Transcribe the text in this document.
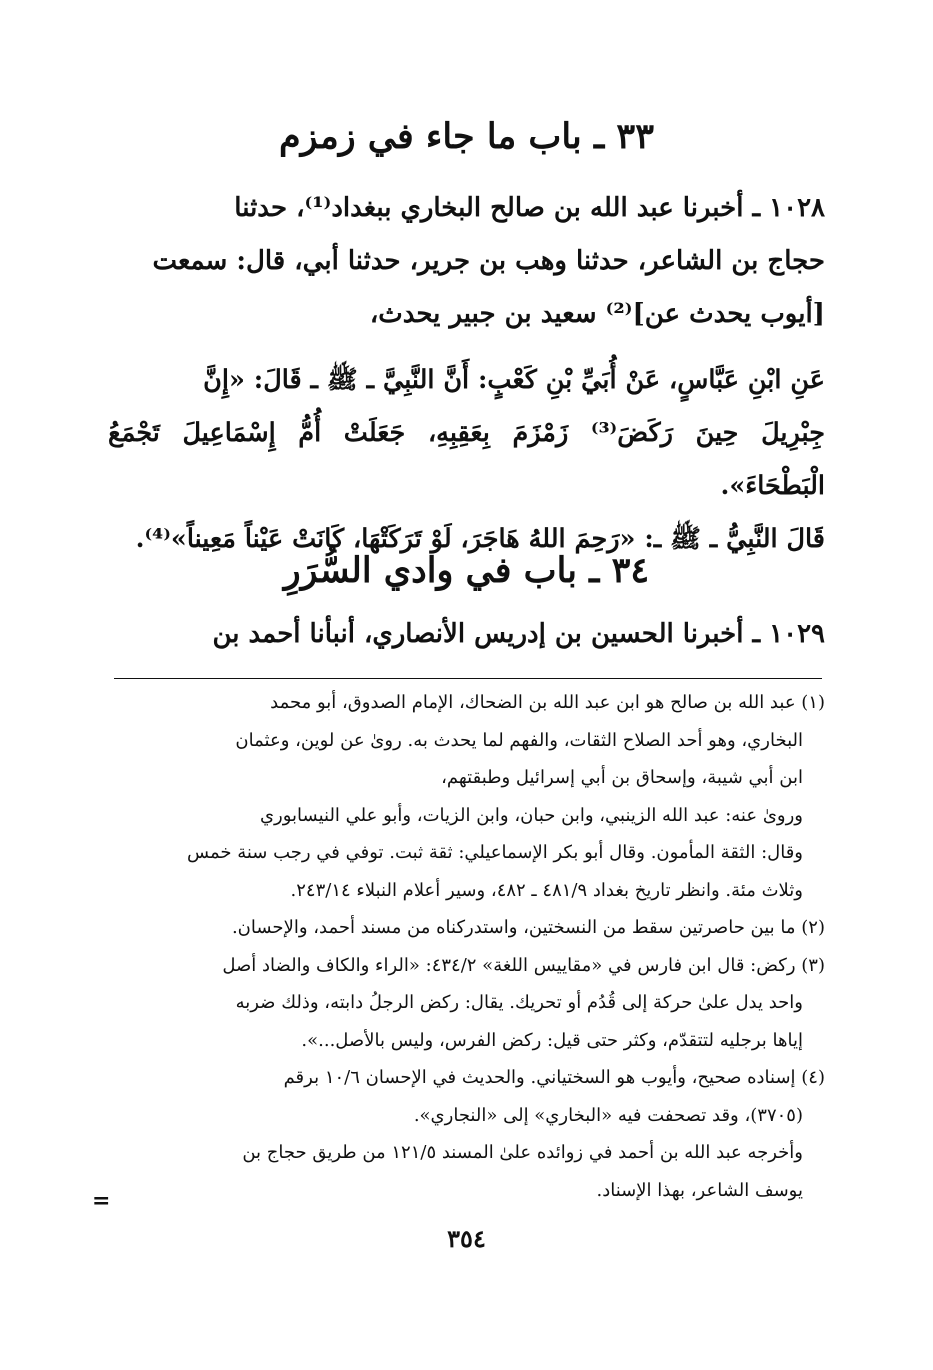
٣٣ ـ باب ما جاء في زمزم
١٠٢٨ ـ أخبرنا عبد الله بن صالح البخاري ببغداد⁽¹⁾، حدثنا
حجاج بن الشاعر، حدثنا وهب بن جرير، حدثنا أبي، قال: سمعت
[أيوب يحدث عن]⁽²⁾ سعيد بن جبير يحدث،
عَنِ ابْنِ عَبَّاسٍ، عَنْ أُبَيِّ بْنِ كَعْبٍ: أَنَّ النَّبِيَّ ـ ﷺ ـ قَالَ: «إِنَّ
جِبْرِيلَ حِينَ رَكَضَ⁽³⁾ زَمْزَمَ بِعَقِبِهِ، جَعَلَتْ أُمُّ إِسْمَاعِيلَ تَجْمَعُ الْبَطْحَاءَ».
قَالَ النَّبِيُّ ـ ﷺ ـ: «رَحِمَ اللهُ هَاجَرَ، لَوْ تَرَكَتْهَا، كَانَتْ عَيْناً مَعِيناً»⁽⁴⁾.
٣٤ ـ باب في وادي السُّرَرِ
١٠٢٩ ـ أخبرنا الحسين بن إدريس الأنصاري، أنبأنا أحمد بن

(١) عبد الله بن صالح هو ابن عبد الله بن الضحاك، الإمام الصدوق، أبو محمد

البخاري، وهو أحد الصلاح الثقات، والفهم لما يحدث به. روىٰ عن لوين، وعثمان

ابن أبي شيبة، وإسحاق بن أبي إسرائيل وطبقتهم،

وروىٰ عنه: عبد الله الزينبي، وابن حبان، وابن الزيات، وأبو علي النيسابوري

وقال: الثقة المأمون. وقال أبو بكر الإسماعيلي: ثقة ثبت. توفي في رجب سنة خمس

وثلاث مئة. وانظر تاريخ بغداد ٤٨١/٩ ـ ٤٨٢، وسير أعلام النبلاء ٢٤٣/١٤.

(٢) ما بين حاصرتين سقط من النسختين، واستدركناه من مسند أحمد، والإحسان.

(٣) ركض: قال ابن فارس في «مقاييس اللغة» ٤٣٤/٢: «الراء والكاف والضاد أصل

واحد يدل علىٰ حركة إلى قُدُم أو تحريك. يقال: ركض الرجلُ دابته، وذلك ضربه

إياها برجليه لتتقدّم، وكثر حتى قيل: ركض الفرس، وليس بالأصل...».

(٤) إسناده صحيح، وأيوب هو السختياني. والحديث في الإحسان ١٠/٦ برقم

(٣٧٠٥)، وقد تصحفت فيه «البخاري» إلى «النجاري».

وأخرجه عبد الله بن أحمد في زوائده علىٰ المسند ١٢١/٥ من طريق حجاج بن

يوسف الشاعر، بهذا الإسناد.

=
٣٥٤
